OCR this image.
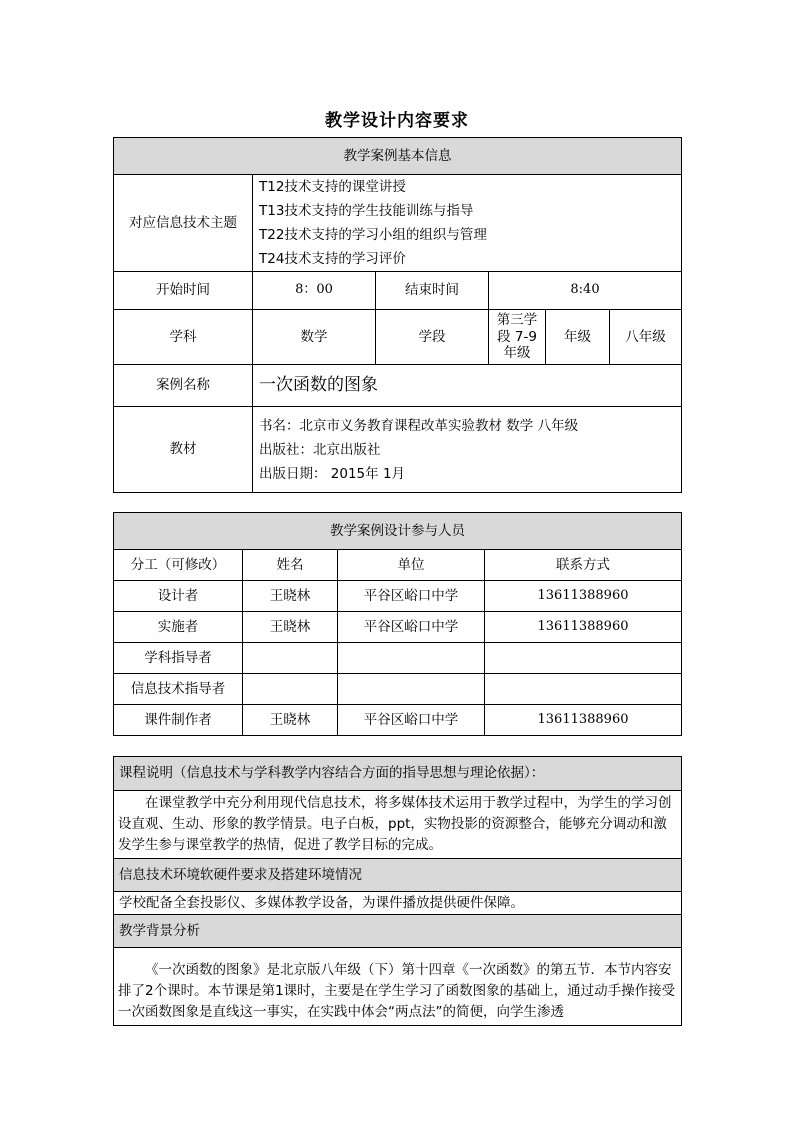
教学设计内容要求
教学案例基本信息					
对应信息技术主题	T12技术支持的课堂讲授
T13技术支持的学生技能训练与指导
T22技术支持的学习小组的组织与管理
T24技术支持的学习评价				

开始时间	8：00	结束时间	8:40		
学科	数学	学段	第三学段 7-9年级	年级	八年级
案例名称	一次函数的图象				
教材	书名：北京市义务教育课程改革实验教材 数学 八年级
出版社：北京出版社
出版日期： 2015年 1月				
教学案例设计参与人员			
分工（可修改）	姓名	单位	联系方式
设计者	王晓林	平谷区峪口中学	13611388960
实施者	王晓林	平谷区峪口中学	13611388960
学科指导者			
信息技术指导者			
课件制作者	王晓林	平谷区峪口中学	13611388960
课程说明（信息技术与学科教学内容结合方面的指导思想与理论依据）：
在课堂教学中充分利用现代信息技术，将多媒体技术运用于教学过程中，为学生的学习创设直观、生动、形象的教学情景。电子白板，ppt，实物投影的资源整合，能够充分调动和激发学生参与课堂教学的热情，促进了教学目标的完成。
信息技术环境软硬件要求及搭建环境情况
学校配备全套投影仪、多媒体教学设备，为课件播放提供硬件保障。
教学背景分析
《一次函数的图象》是北京版八年级（下）第十四章《一次函数》的第五节．本节内容安排了2个课时。本节课是第1课时，主要是在学生学习了函数图象的基础上，通过动手操作接受一次函数图象是直线这一事实，在实践中体会“两点法”的简便，向学生渗透
